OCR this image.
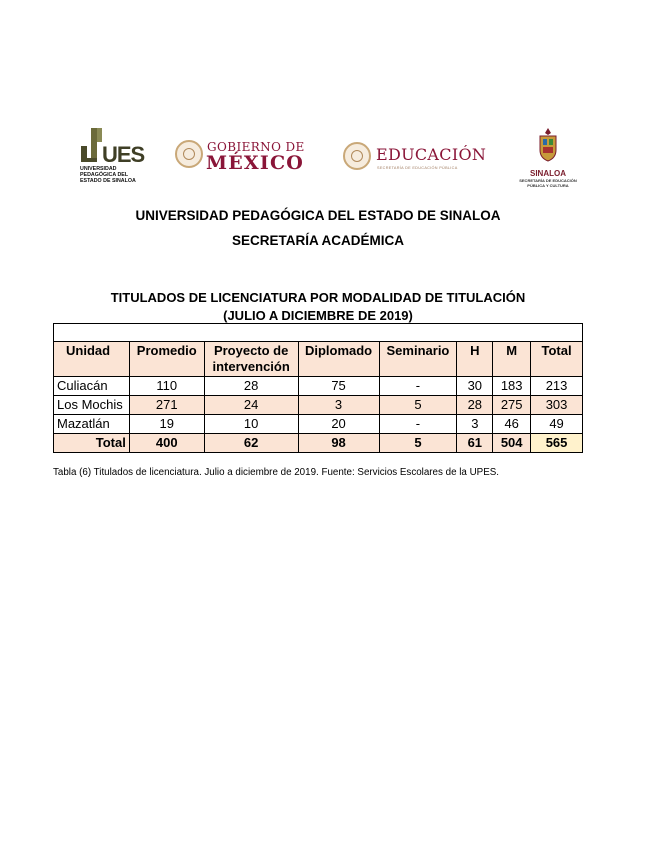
UES
UNIVERSIDAD
PEDAGÓGICA DEL
ESTADO DE SINALOA
GOBIERNO DE
MÉXICO	EDUCACIÓN
SECRETARÍA DE EDUCACIÓN PÚBLICA
SINALOA
SECRETARÍA DE EDUCACIÓN
PÚBLICA Y CULTURA
UNIVERSIDAD PEDAGÓGICA DEL ESTADO DE SINALOA
SECRETARÍA ACADÉMICA
TITULADOS DE LICENCIATURA POR MODALIDAD DE TITULACIÓN
(JULIO A DICIEMBRE DE 2019)

Unidad	Promedio	Proyecto de intervención	Diplomado	Seminario	H	M	Total
Culiacán	110	28	75	-	30	183	213
Los Mochis	271	24	3	5	28	275	303
Mazatlán	19	10	20	-	3	46	49
Total	400	62	98	5	61	504	565
Tabla (6) Titulados de licenciatura. Julio a diciembre de 2019. Fuente: Servicios Escolares de la UPES.
